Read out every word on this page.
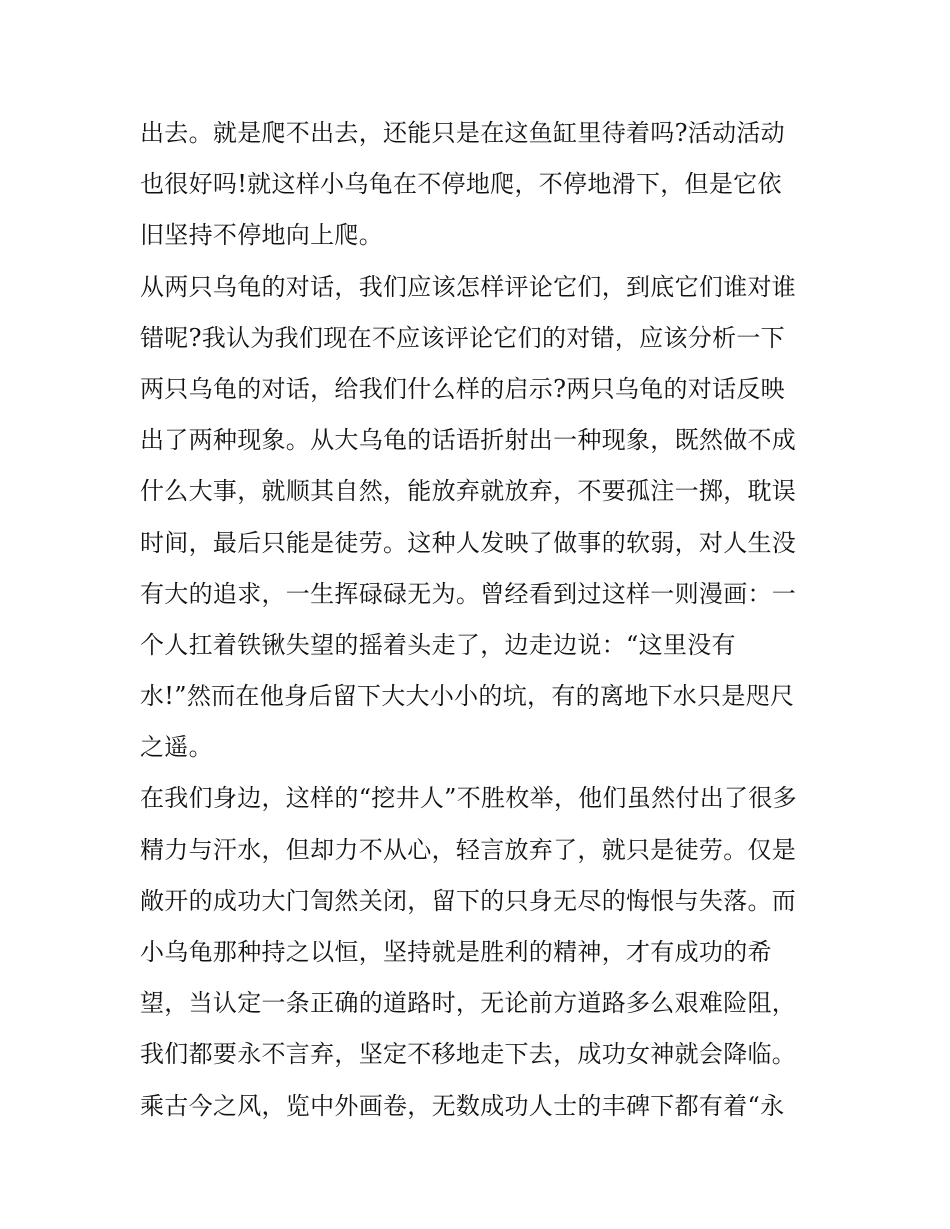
出去。就是爬不出去，还能只是在这鱼缸里待着吗?活动活动
也很好吗!就这样小乌龟在不停地爬，不停地滑下，但是它依
旧坚持不停地向上爬。
从两只乌龟的对话，我们应该怎样评论它们，到底它们谁对谁
错呢?我认为我们现在不应该评论它们的对错，应该分析一下
两只乌龟的对话，给我们什么样的启示?两只乌龟的对话反映
出了两种现象。从大乌龟的话语折射出一种现象，既然做不成
什么大事，就顺其自然，能放弃就放弃，不要孤注一掷，耽误
时间，最后只能是徒劳。这种人发映了做事的软弱，对人生没
有大的追求，一生挥碌碌无为。曾经看到过这样一则漫画：一
个人扛着铁锹失望的摇着头走了，边走边说：“这里没有
水!”然而在他身后留下大大小小的坑，有的离地下水只是咫尺
之遥。
在我们身边，这样的“挖井人”不胜枚举，他们虽然付出了很多
精力与汗水，但却力不从心，轻言放弃了，就只是徒劳。仅是
敞开的成功大门訇然关闭，留下的只身无尽的悔恨与失落。而
小乌龟那种持之以恒，坚持就是胜利的精神，才有成功的希
望，当认定一条正确的道路时，无论前方道路多么艰难险阻，
我们都要永不言弃，坚定不移地走下去，成功女神就会降临。
乘古今之风，览中外画卷，无数成功人士的丰碑下都有着“永
